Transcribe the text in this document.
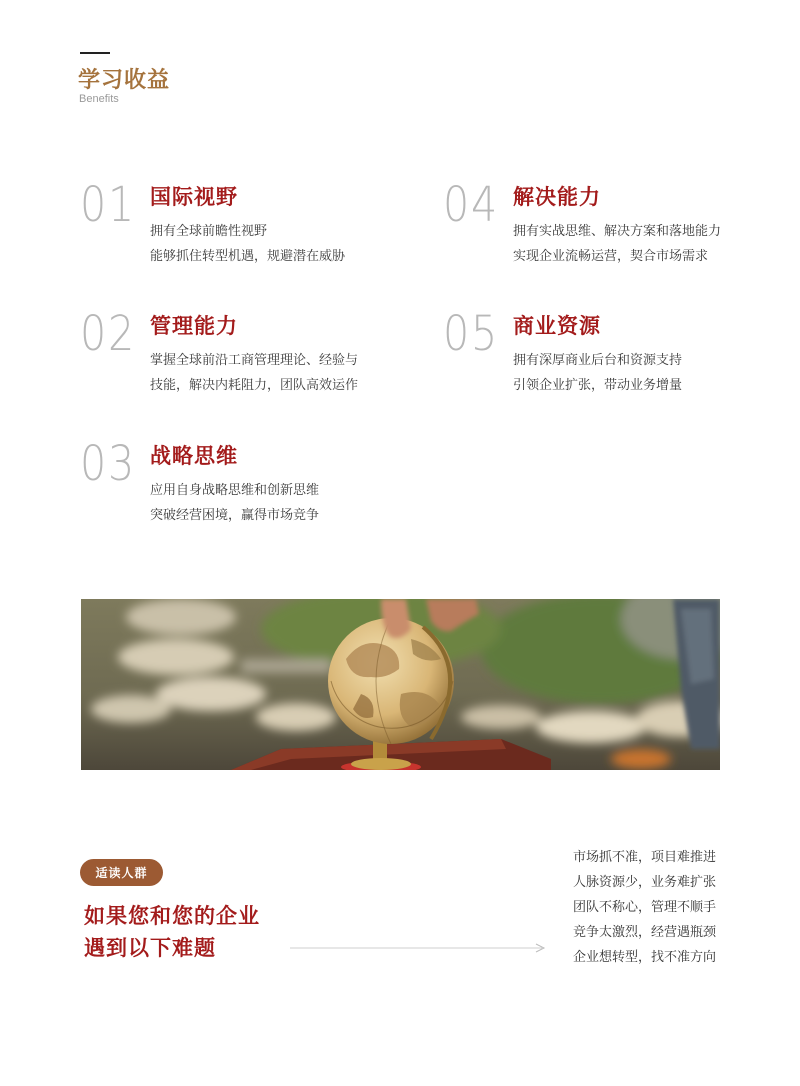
学习收益
Benefits
01 国际视野
拥有全球前瞻性视野
能够抓住转型机遇，规避潜在威胁
02 管理能力
掌握全球前沿工商管理理论、经验与
技能，解决内耗阻力，团队高效运作
03 战略思维
应用自身战略思维和创新思维
突破经营困境，赢得市场竞争
04 解决能力
拥有实战思维、解决方案和落地能力
实现企业流畅运营，契合市场需求
05 商业资源
拥有深厚商业后台和资源支持
引领企业扩张，带动业务增量
适读人群
如果您和您的企业
遇到以下难题
市场抓不准，项目难推进
人脉资源少，业务难扩张
团队不称心，管理不顺手
竞争太激烈，经营遇瓶颈
企业想转型，找不准方向
